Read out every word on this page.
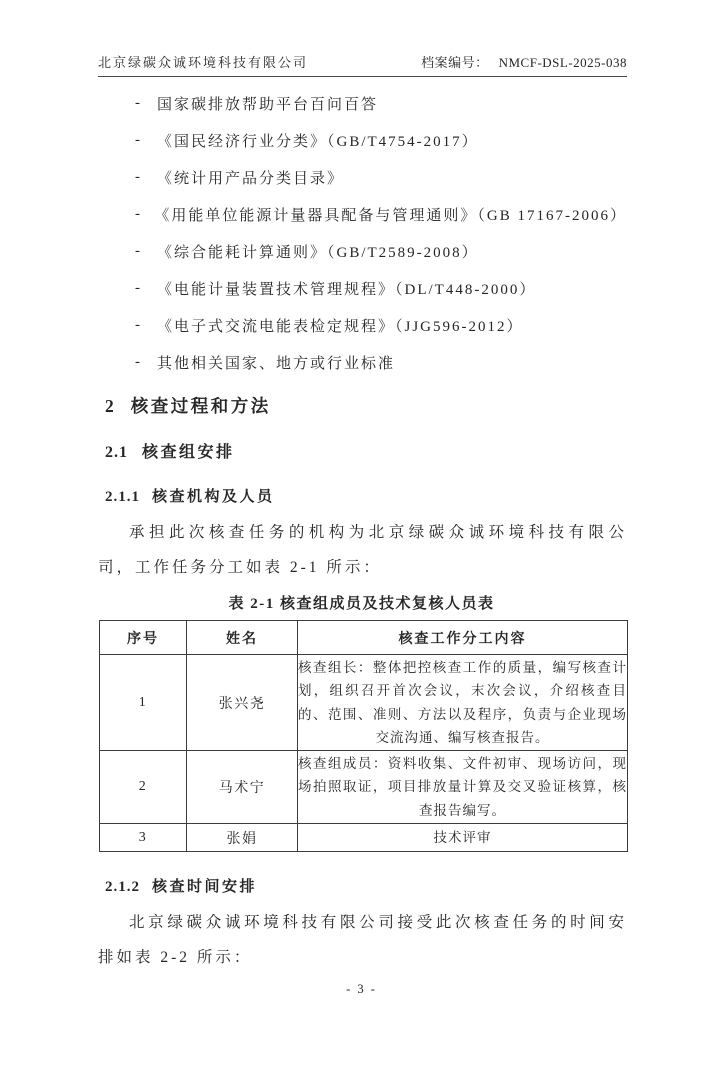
北京绿碳众诚环境科技有限公司	档案编号： NMCF-DSL-2025-038
-	国家碳排放帮助平台百问百答
-	《国民经济行业分类》（GB/T4754-2017）
-	《统计用产品分类目录》
- 《用能单位能源计量器具配备与管理通则》（GB 17167-2006）
-	《综合能耗计算通则》（GB/T2589-2008）
-	《电能计量装置技术管理规程》（DL/T448-2000）
-	《电子式交流电能表检定规程》（JJG596-2012）
-	其他相关国家、地方或行业标准
2 核查过程和方法
2.1 核查组安排
2.1.1 核查机构及人员
承担此次核查任务的机构为北京绿碳众诚环境科技有限公司，工作任务分工如表 2-1 所示：
表 2-1 核查组成员及技术复核人员表
序号	姓名	核查工作分工内容
1	张兴尧	核查组长：整体把控核查工作的质量，编写核查计划，组织召开首次会议，末次会议，介绍核查目的、范围、准则、方法以及程序，负责与企业现场交流沟通、编写核查报告。
2	马术宁	核查组成员：资料收集、文件初审、现场访问，现场拍照取证，项目排放量计算及交叉验证核算，核查报告编写。
3	张娟	技术评审
2.1.2 核查时间安排
北京绿碳众诚环境科技有限公司接受此次核查任务的时间安排如表 2-2 所示：
- 3 -
